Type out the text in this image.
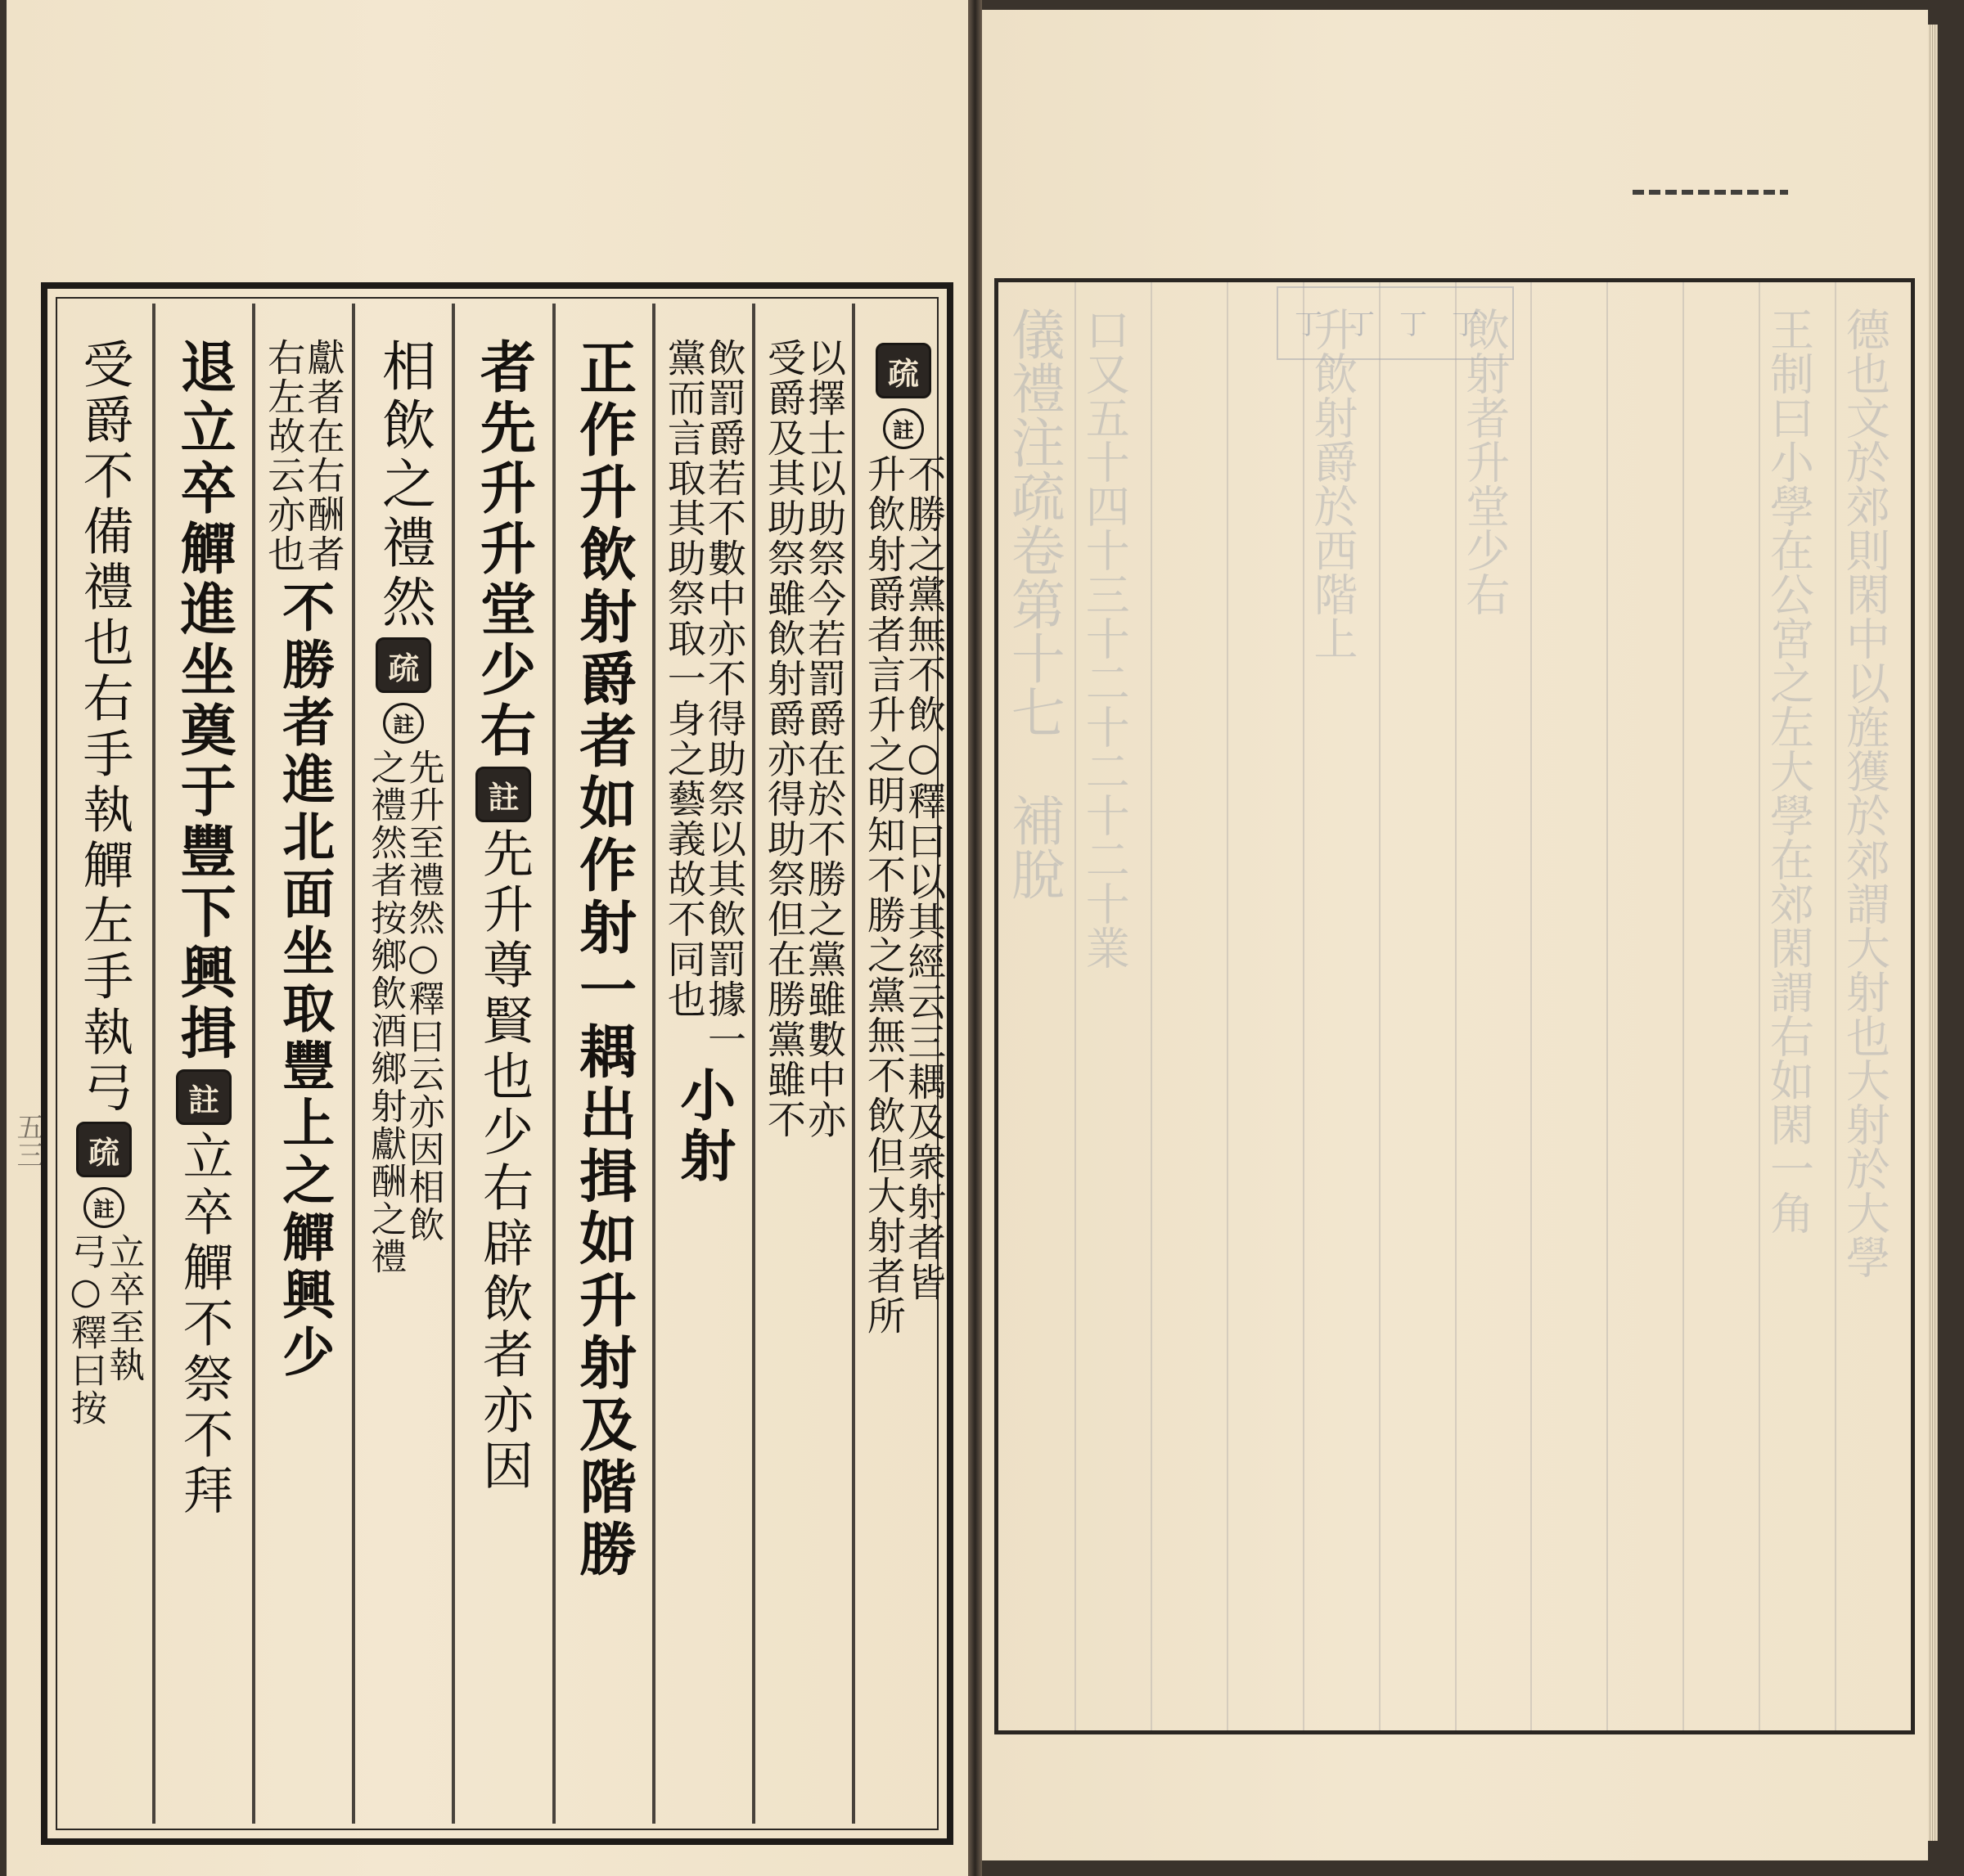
五三
疏
註
不勝之黨無不飲○釋曰以其經云三耦及衆射者皆
升飲射爵者言升之明知不勝之黨無不飲但大射者所
以擇士以助祭今若罰爵在於不勝之黨雖數中亦
受爵及其助祭雖飲射爵亦得助祭但在勝黨雖不
飲罰爵若不數中亦不得助祭以其飲罰據一
黨而言取其助祭取一身之藝義故不同也
小射
正作升飲射爵者如作射一耦出揖如升射及階勝
者先升升堂少右
註
先升尊賢也少右辟飲者亦因
相飲之禮然
疏
註
先升至禮然○釋曰云亦因相飲
之禮然者按鄉飲酒鄉射獻酬之禮
獻者在右酬者
右左故云亦也
不勝者進北面坐取豐上之觶興少
退立卒觶進坐奠于豐下興揖
註
立卒觶不祭不拜
受爵不備禮也右手執觶左手執弓
疏
註
立卒至執
弓○釋曰按
德也文於郊則閑中以旌獲於郊謂大射也大射於大學
王制曰小學在公宮之左大學在郊閑謂右如閑一角
儀禮注疏卷第十七　補脫 口又五十四十三十二十二十二十業	升飲射爵於西階上 飲射者升堂少右
丁丁丁丁
